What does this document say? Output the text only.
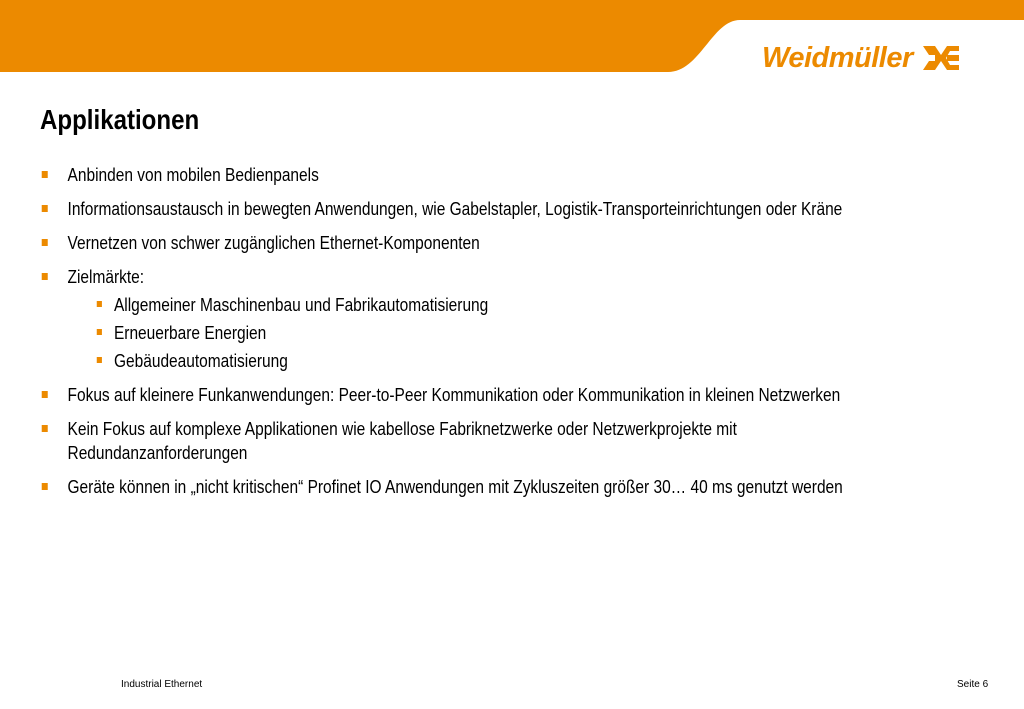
Weidmüller
Applikationen
Anbinden von mobilen Bedienpanels
Informationsaustausch in bewegten Anwendungen, wie Gabelstapler, Logistik-Transporteinrichtungen oder Kräne
Vernetzen von schwer zugänglichen Ethernet-Komponenten
Zielmärkte:
Allgemeiner Maschinenbau und Fabrikautomatisierung
Erneuerbare Energien
Gebäudeautomatisierung
Fokus auf kleinere Funkanwendungen: Peer-to-Peer Kommunikation oder Kommunikation in kleinen Netzwerken
Kein Fokus auf komplexe Applikationen wie kabellose Fabriknetzwerke oder Netzwerkprojekte mit Redundanzanforderungen
Geräte können in „nicht kritischen“ Profinet IO Anwendungen mit Zykluszeiten größer 30… 40 ms genutzt werden
Industrial Ethernet	Seite 6
